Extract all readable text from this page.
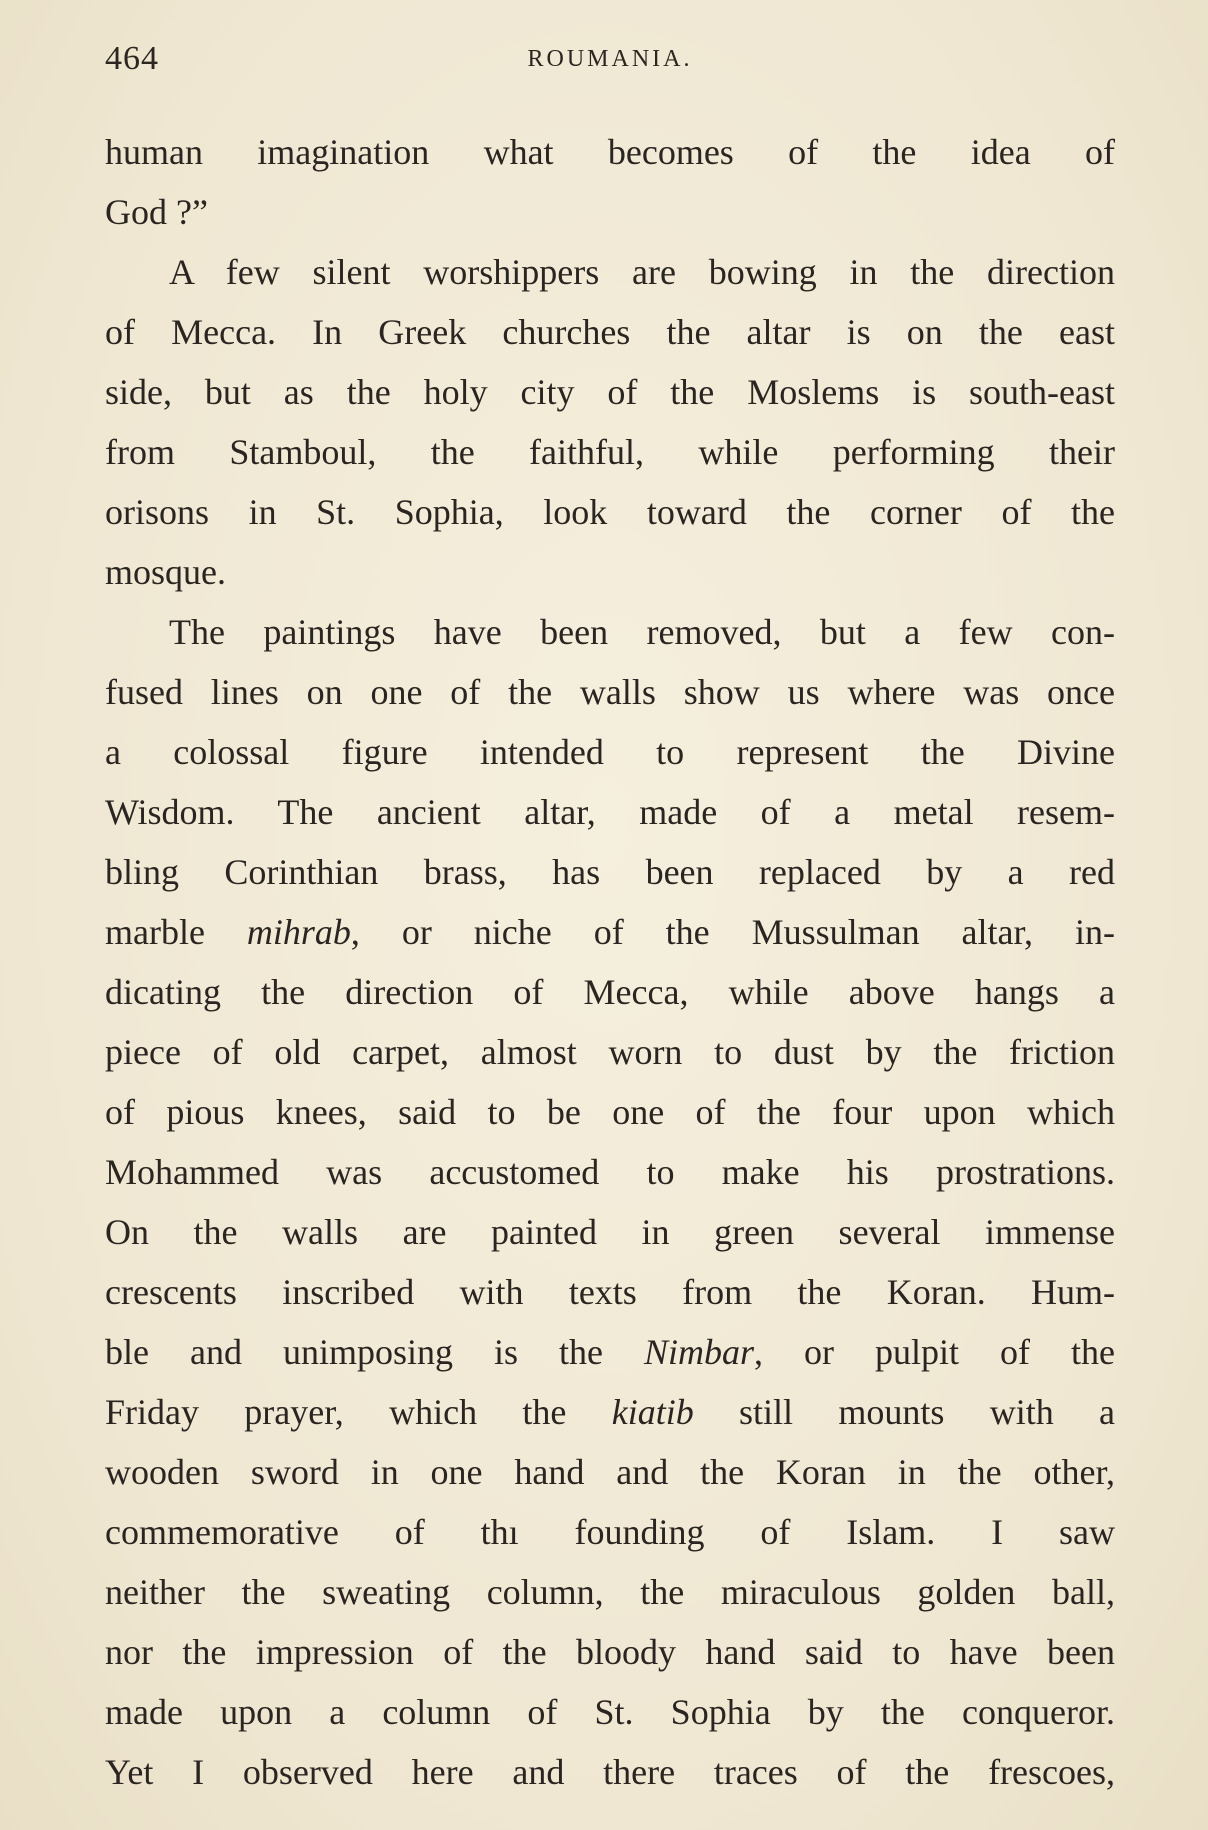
464	ROUMANIA.
human imagination what becomes of the idea of
God ?”
A few silent worshippers are bowing in the direction
of Mecca. In Greek churches the altar is on the east
side, but as the holy city of the Moslems is south-east
from Stamboul, the faithful, while performing their
orisons in St. Sophia, look toward the corner of the
mosque.
The paintings have been removed, but a few con-
fused lines on one of the walls show us where was once
a colossal figure intended to represent the Divine
Wisdom. The ancient altar, made of a metal resem-
bling Corinthian brass, has been replaced by a red
marble mihrab, or niche of the Mussulman altar, in-
dicating the direction of Mecca, while above hangs a
piece of old carpet, almost worn to dust by the friction
of pious knees, said to be one of the four upon which
Mohammed was accustomed to make his prostrations.
On the walls are painted in green several immense
crescents inscribed with texts from the Koran. Hum-
ble and unimposing is the Nimbar, or pulpit of the
Friday prayer, which the kiatib still mounts with a
wooden sword in one hand and the Koran in the other,
commemorative of thı founding of Islam. I saw
neither the sweating column, the miraculous golden ball,
nor the impression of the bloody hand said to have been
made upon a column of St. Sophia by the conqueror.
Yet I observed here and there traces of the frescoes,
